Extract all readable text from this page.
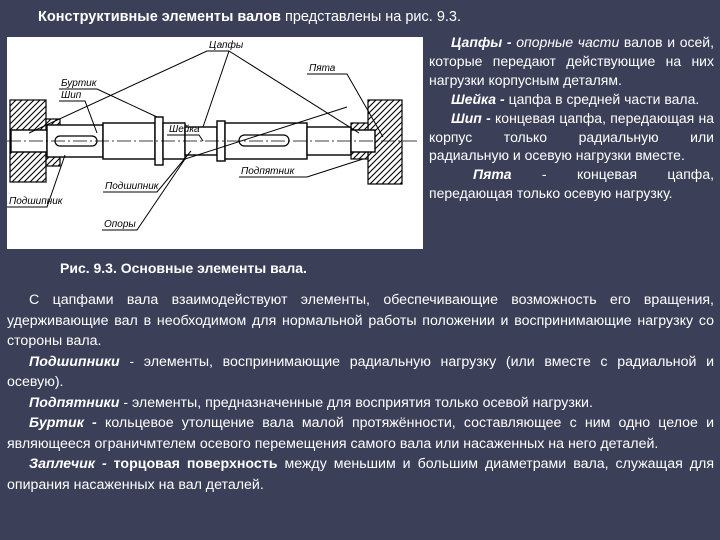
Конструктивные элементы валов представлены на рис. 9.3.
Цапфы
Пята
Буртик
Шип
Шейка
Подпятник
Подшипник
Подшипник
Опоры
Рис. 9.3. Основные элементы вала.

Цапфы - опорные части валов и осей, которые передают действующие на них нагрузки корпусным деталям.

Шейка - цапфа в средней части вала.

Шип - концевая цапфа, передающая на корпус только радиальную или радиальную и осевую нагрузки вместе.

Пята - концевая цапфа, передающая только осевую нагрузку.

С цапфами вала взаимодействуют элементы, обеспечивающие возможность его вращения, удерживающие вал в необходимом для нормальной работы положении и воспринимающие нагрузку со стороны вала.

Подшипники - элементы, воспринимающие радиальную нагрузку (или вместе с радиальной и осевую).

Подпятники - элементы, предназначенные для восприятия только осевой нагрузки.

Буртик - кольцевое утолщение вала малой протяжённости, составляющее с ним одно целое и являющееся ограничмтелем осевого перемещения самого вала или насаженных на него деталей.

Заплечик - торцовая поверхность между меньшим и большим диаметрами вала, служащая для опирания насаженных на вал деталей.
